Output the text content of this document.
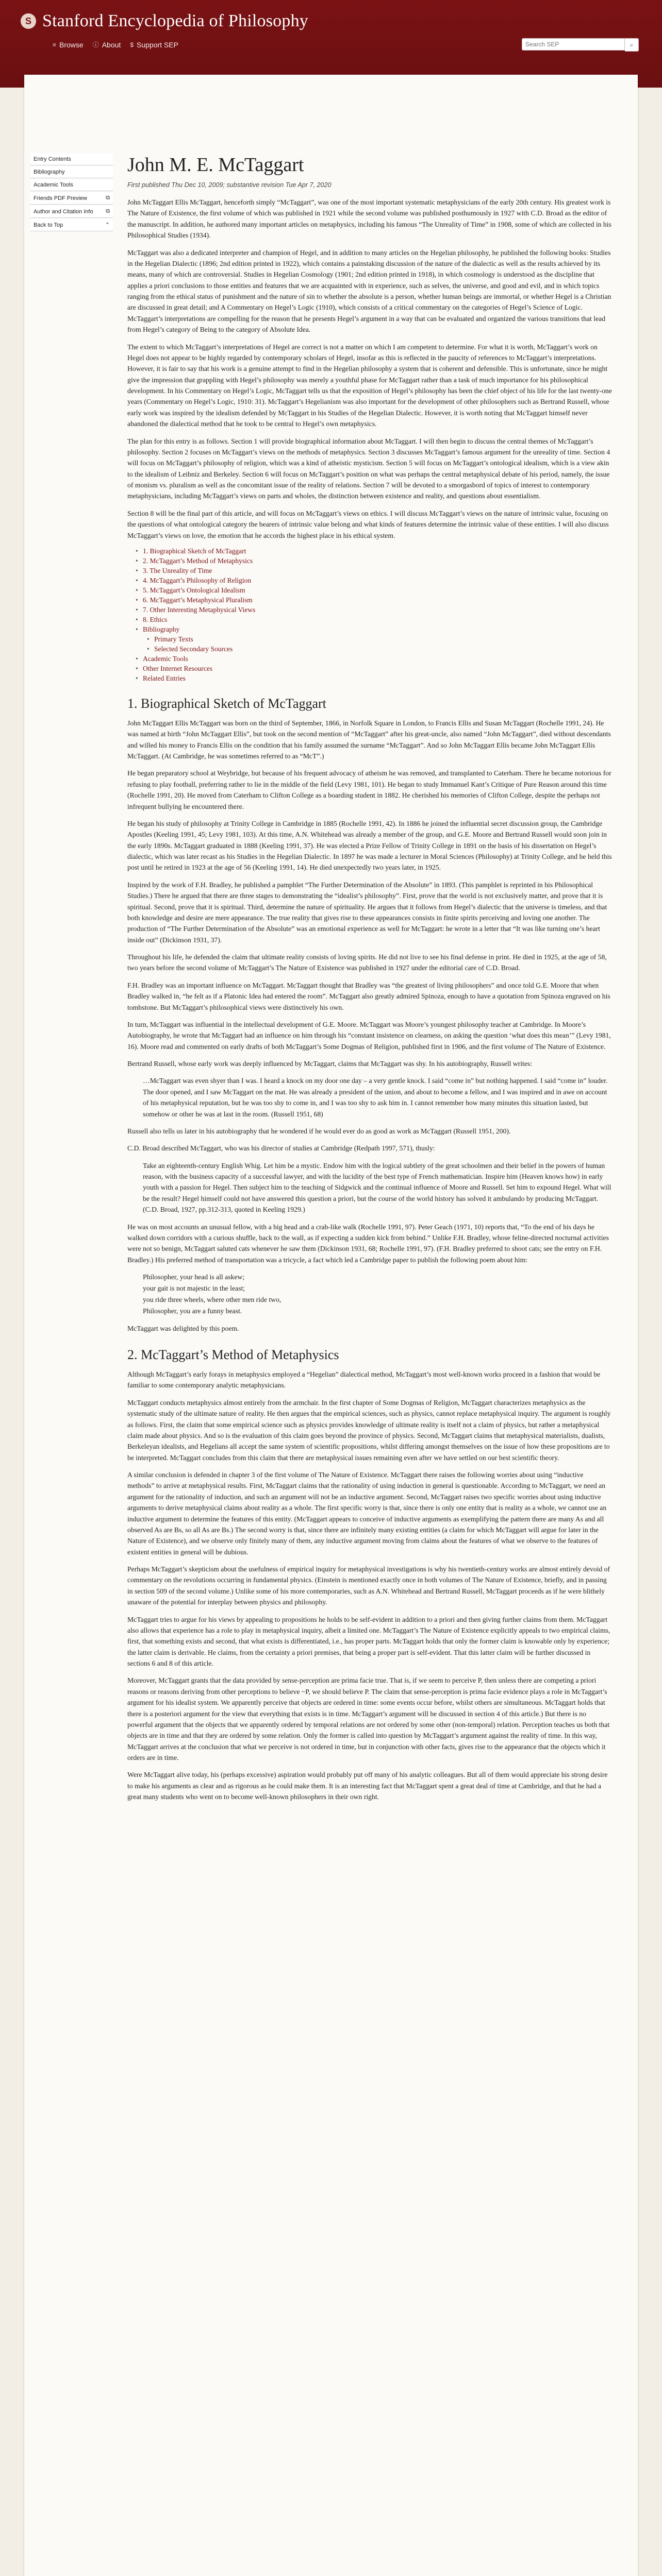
S Stanford Encyclopedia of Philosophy
≡ Browse ⓘ About $ Support SEP
Search SEP	⌕
Entry Contents
Bibliography
Academic Tools
Friends PDF Preview	⧉
Author and Citation Info ⧉
Back to Top	⌃
John M. E. McTaggart
First published Thu Dec 10, 2009; substantive revision Tue Apr 7, 2020

John McTaggart Ellis McTaggart, henceforth simply “McTaggart”, was one of the most important systematic metaphysicians of the early 20th century. His greatest work is The Nature of Existence, the first volume of which was published in 1921 while the second volume was published posthumously in 1927 with C.D. Broad as the editor of the manuscript. In addition, he authored many important articles on metaphysics, including his famous “The Unreality of Time” in 1908, some of which are collected in his Philosophical Studies (1934).

McTaggart was also a dedicated interpreter and champion of Hegel, and in addition to many articles on the Hegelian philosophy, he published the following books: Studies in the Hegelian Dialectic (1896; 2nd edition printed in 1922), which contains a painstaking discussion of the nature of the dialectic as well as the results achieved by its means, many of which are controversial. Studies in Hegelian Cosmology (1901; 2nd edition printed in 1918), in which cosmology is understood as the discipline that applies a priori conclusions to those entities and features that we are acquainted with in experience, such as selves, the universe, and good and evil, and in which topics ranging from the ethical status of punishment and the nature of sin to whether the absolute is a person, whether human beings are immortal, or whether Hegel is a Christian are discussed in great detail; and A Commentary on Hegel’s Logic (1910), which consists of a critical commentary on the categories of Hegel’s Science of Logic. McTaggart’s interpretations are compelling for the reason that he presents Hegel’s argument in a way that can be evaluated and organized the various transitions that lead from Hegel’s category of Being to the category of Absolute Idea.

The extent to which McTaggart’s interpretations of Hegel are correct is not a matter on which I am competent to determine. For what it is worth, McTaggart’s work on Hegel does not appear to be highly regarded by contemporary scholars of Hegel, insofar as this is reflected in the paucity of references to McTaggart’s interpretations. However, it is fair to say that his work is a genuine attempt to find in the Hegelian philosophy a system that is coherent and defensible. This is unfortunate, since he might give the impression that grappling with Hegel’s philosophy was merely a youthful phase for McTaggart rather than a task of much importance for his philosophical development. In his Commentary on Hegel’s Logic, McTaggart tells us that the exposition of Hegel’s philosophy has been the chief object of his life for the last twenty-one years (Commentary on Hegel’s Logic, 1910: 31). McTaggart’s Hegelianism was also important for the development of other philosophers such as Bertrand Russell, whose early work was inspired by the idealism defended by McTaggart in his Studies of the Hegelian Dialectic. However, it is worth noting that McTaggart himself never abandoned the dialectical method that he took to be central to Hegel’s own metaphysics.

The plan for this entry is as follows. Section 1 will provide biographical information about McTaggart. I will then begin to discuss the central themes of McTaggart’s philosophy. Section 2 focuses on McTaggart’s views on the methods of metaphysics. Section 3 discusses McTaggart’s famous argument for the unreality of time. Section 4 will focus on McTaggart’s philosophy of religion, which was a kind of atheistic mysticism. Section 5 will focus on McTaggart’s ontological idealism, which is a view akin to the idealism of Leibniz and Berkeley. Section 6 will focus on McTaggart’s position on what was perhaps the central metaphysical debate of his period, namely, the issue of monism vs. pluralism as well as the concomitant issue of the reality of relations. Section 7 will be devoted to a smorgasbord of topics of interest to contemporary metaphysicians, including McTaggart’s views on parts and wholes, the distinction between existence and reality, and questions about essentialism.

Section 8 will be the final part of this article, and will focus on McTaggart’s views on ethics. I will discuss McTaggart’s views on the nature of intrinsic value, focusing on the questions of what ontological category the bearers of intrinsic value belong and what kinds of features determine the intrinsic value of these entities. I will also discuss McTaggart’s views on love, the emotion that he accords the highest place in his ethical system.

• 1. Biographical Sketch of McTaggart
• 2. McTaggart’s Method of Metaphysics
• 3. The Unreality of Time
• 4. McTaggart’s Philosophy of Religion
• 5. McTaggart’s Ontological Idealism
• 6. McTaggart’s Metaphysical Pluralism
• 7. Other Interesting Metaphysical Views
• 8. Ethics
• Bibliography
• Primary Texts
• Selected Secondary Sources
• Academic Tools
• Other Internet Resources
• Related Entries
1. Biographical Sketch of McTaggart

John McTaggart Ellis McTaggart was born on the third of September, 1866, in Norfolk Square in London, to Francis Ellis and Susan McTaggart (Rochelle 1991, 24). He was named at birth “John McTaggart Ellis”, but took on the second mention of “McTaggart” after his great-uncle, also named “John McTaggart”, died without descendants and willed his money to Francis Ellis on the condition that his family assumed the surname “McTaggart”. And so John McTaggart Ellis became John McTaggart Ellis McTaggart. (At Cambridge, he was sometimes referred to as “McT”.)

He began preparatory school at Weybridge, but because of his frequent advocacy of atheism he was removed, and transplanted to Caterham. There he became notorious for refusing to play football, preferring rather to lie in the middle of the field (Levy 1981, 101). He began to study Immanuel Kant’s Critique of Pure Reason around this time (Rochelle 1991, 20). He moved from Caterham to Clifton College as a boarding student in 1882. He cherished his memories of Clifton College, despite the perhaps not infrequent bullying he encountered there.

He began his study of philosophy at Trinity College in Cambridge in 1885 (Rochelle 1991, 42). In 1886 he joined the influential secret discussion group, the Cambridge Apostles (Keeling 1991, 45; Levy 1981, 103). At this time, A.N. Whitehead was already a member of the group, and G.E. Moore and Bertrand Russell would soon join in the early 1890s. McTaggart graduated in 1888 (Keeling 1991, 37). He was elected a Prize Fellow of Trinity College in 1891 on the basis of his dissertation on Hegel’s dialectic, which was later recast as his Studies in the Hegelian Dialectic. In 1897 he was made a lecturer in Moral Sciences (Philosophy) at Trinity College, and he held this post until he retired in 1923 at the age of 56 (Keeling 1991, 14). He died unexpectedly two years later, in 1925.

Inspired by the work of F.H. Bradley, he published a pamphlet “The Further Determination of the Absolute” in 1893. (This pamphlet is reprinted in his Philosophical Studies.) There he argued that there are three stages to demonstrating the “idealist’s philosophy”. First, prove that the world is not exclusively matter, and prove that it is spiritual. Second, prove that it is spiritual. Third, determine the nature of spirituality. He argues that it follows from Hegel’s dialectic that the universe is timeless, and that both knowledge and desire are mere appearance. The true reality that gives rise to these appearances consists in finite spirits perceiving and loving one another. The production of “The Further Determination of the Absolute” was an emotional experience as well for McTaggart: he wrote in a letter that “It was like turning one’s heart inside out” (Dickinson 1931, 37).

Throughout his life, he defended the claim that ultimate reality consists of loving spirits. He did not live to see his final defense in print. He died in 1925, at the age of 58, two years before the second volume of McTaggart’s The Nature of Existence was published in 1927 under the editorial care of C.D. Broad.

F.H. Bradley was an important influence on McTaggart. McTaggart thought that Bradley was “the greatest of living philosophers” and once told G.E. Moore that when Bradley walked in, “he felt as if a Platonic Idea had entered the room”. McTaggart also greatly admired Spinoza, enough to have a quotation from Spinoza engraved on his tombstone. But McTaggart’s philosophical views were distinctively his own.

In turn, McTaggart was influential in the intellectual development of G.E. Moore. McTaggart was Moore’s youngest philosophy teacher at Cambridge. In Moore’s Autobiography, he wrote that McTaggart had an influence on him through his “constant insistence on clearness, on asking the question ‘what does this mean’” (Levy 1981, 16). Moore read and commented on early drafts of both McTaggart’s Some Dogmas of Religion, published first in 1906, and the first volume of The Nature of Existence.

Bertrand Russell, whose early work was deeply influenced by McTaggart, claims that McTaggart was shy. In his autobiography, Russell writes:

…McTaggart was even shyer than I was. I heard a knock on my door one day – a very gentle knock. I said “come in” but nothing happened. I said “come in” louder. The door opened, and I saw McTaggart on the mat. He was already a president of the union, and about to become a fellow, and I was inspired and in awe on account of his metaphysical reputation, but he was too shy to come in, and I was too shy to ask him in. I cannot remember how many minutes this situation lasted, but somehow or other he was at last in the room. (Russell 1951, 68)

Russell also tells us later in his autobiography that he wondered if he would ever do as good as work as McTaggart (Russell 1951, 200).

C.D. Broad described McTaggart, who was his director of studies at Cambridge (Redpath 1997, 571), thusly:

Take an eighteenth-century English Whig. Let him be a mystic. Endow him with the logical subtlety of the great schoolmen and their belief in the powers of human reason, with the business capacity of a successful lawyer, and with the lucidity of the best type of French mathematician. Inspire him (Heaven knows how) in early youth with a passion for Hegel. Then subject him to the teaching of Sidgwick and the continual influence of Moore and Russell. Set him to expound Hegel. What will be the result? Hegel himself could not have answered this question a priori, but the course of the world history has solved it ambulando by producing McTaggart. (C.D. Broad, 1927, pp.312-313, quoted in Keeling 1929.)

He was on most accounts an unusual fellow, with a big head and a crab-like walk (Rochelle 1991, 97). Peter Geach (1971, 10) reports that, “To the end of his days he walked down corridors with a curious shuffle, back to the wall, as if expecting a sudden kick from behind.” Unlike F.H. Bradley, whose feline-directed nocturnal activities were not so benign, McTaggart saluted cats whenever he saw them (Dickinson 1931, 68; Rochelle 1991, 97). (F.H. Bradley preferred to shoot cats; see the entry on F.H. Bradley.) His preferred method of transportation was a tricycle, a fact which led a Cambridge paper to publish the following poem about him:

Philosopher, your head is all askew;
your gait is not majestic in the least;
you ride three wheels, where other men ride two,
Philosopher, you are a funny beast.

McTaggart was delighted by this poem.

2. McTaggart’s Method of Metaphysics

Although McTaggart’s early forays in metaphysics employed a “Hegelian” dialectical method, McTaggart’s most well-known works proceed in a fashion that would be familiar to some contemporary analytic metaphysicians.

McTaggart conducts metaphysics almost entirely from the armchair. In the first chapter of Some Dogmas of Religion, McTaggart characterizes metaphysics as the systematic study of the ultimate nature of reality. He then argues that the empirical sciences, such as physics, cannot replace metaphysical inquiry. The argument is roughly as follows. First, the claim that some empirical science such as physics provides knowledge of ultimate reality is itself not a claim of physics, but rather a metaphysical claim made about physics. And so is the evaluation of this claim goes beyond the province of physics. Second, McTaggart claims that metaphysical materialists, dualists, Berkeleyan idealists, and Hegelians all accept the same system of scientific propositions, whilst differing amongst themselves on the issue of how these propositions are to be interpreted. McTaggart concludes from this claim that there are metaphysical issues remaining even after we have settled on our best scientific theory.

A similar conclusion is defended in chapter 3 of the first volume of The Nature of Existence. McTaggart there raises the following worries about using “inductive methods” to arrive at metaphysical results. First, McTaggart claims that the rationality of using induction in general is questionable. According to McTaggart, we need an argument for the rationality of induction, and such an argument will not be an inductive argument. Second, McTaggart raises two specific worries about using inductive arguments to derive metaphysical claims about reality as a whole. The first specific worry is that, since there is only one entity that is reality as a whole, we cannot use an inductive argument to determine the features of this entity. (McTaggart appears to conceive of inductive arguments as exemplifying the pattern there are many As and all observed As are Bs, so all As are Bs.) The second worry is that, since there are infinitely many existing entities (a claim for which McTaggart will argue for later in the Nature of Existence), and we observe only finitely many of them, any inductive argument moving from claims about the features of what we observe to the features of existent entities in general will be dubious.

Perhaps McTaggart’s skepticism about the usefulness of empirical inquiry for metaphysical investigations is why his twentieth-century works are almost entirely devoid of commentary on the revolutions occurring in fundamental physics. (Einstein is mentioned exactly once in both volumes of The Nature of Existence, briefly, and in passing in section 509 of the second volume.) Unlike some of his more contemporaries, such as A.N. Whitehead and Bertrand Russell, McTaggart proceeds as if he were blithely unaware of the potential for interplay between physics and philosophy.

McTaggart tries to argue for his views by appealing to propositions he holds to be self-evident in addition to a priori and then giving further claims from them. McTaggart also allows that experience has a role to play in metaphysical inquiry, albeit a limited one. McTaggart’s The Nature of Existence explicitly appeals to two empirical claims, first, that something exists and second, that what exists is differentiated, i.e., has proper parts. McTaggart holds that only the former claim is knowable only by experience; the latter claim is derivable. He claims, from the certainty a priori premises, that being a proper part is self-evident. That this latter claim will be further discussed in sections 6 and 8 of this article.

Moreover, McTaggart grants that the data provided by sense-perception are prima facie true. That is, if we seem to perceive P, then unless there are competing a priori reasons or reasons deriving from other perceptions to believe ~P, we should believe P. The claim that sense-perception is prima facie evidence plays a role in McTaggart’s argument for his idealist system. We apparently perceive that objects are ordered in time: some events occur before, whilst others are simultaneous. McTaggart holds that there is a posteriori argument for the view that everything that exists is in time. McTaggart’s argument will be discussed in section 4 of this article.) But there is no powerful argument that the objects that we apparently ordered by temporal relations are not ordered by some other (non-temporal) relation. Perception teaches us both that objects are in time and that they are ordered by some relation. Only the former is called into question by McTaggart’s argument against the reality of time. In this way, McTaggart arrives at the conclusion that what we perceive is not ordered in time, but in conjunction with other facts, gives rise to the appearance that the objects which it orders are in time.

Were McTaggart alive today, his (perhaps excessive) aspiration would probably put off many of his analytic colleagues. But all of them would appreciate his strong desire to make his arguments as clear and as rigorous as he could make them. It is an interesting fact that McTaggart spent a great deal of time at Cambridge, and that he had a great many students who went on to become well-known philosophers in their own right.
